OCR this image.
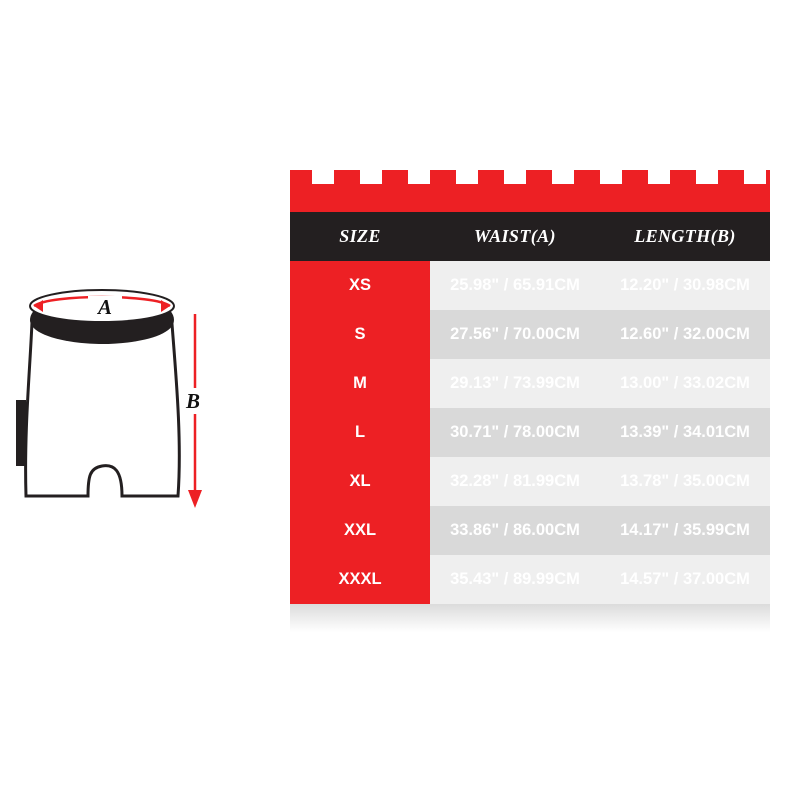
A
B
SIZE	WAIST(A)	LENGTH(B)
XS	25.98" / 65.91CM	12.20" / 30.98CM
S	27.56" / 70.00CM	12.60" / 32.00CM
M	29.13" / 73.99CM	13.00" / 33.02CM
L	30.71" / 78.00CM	13.39" / 34.01CM
XL	32.28" / 81.99CM	13.78" / 35.00CM
XXL	33.86" / 86.00CM	14.17" / 35.99CM
XXXL	35.43" / 89.99CM	14.57" / 37.00CM
